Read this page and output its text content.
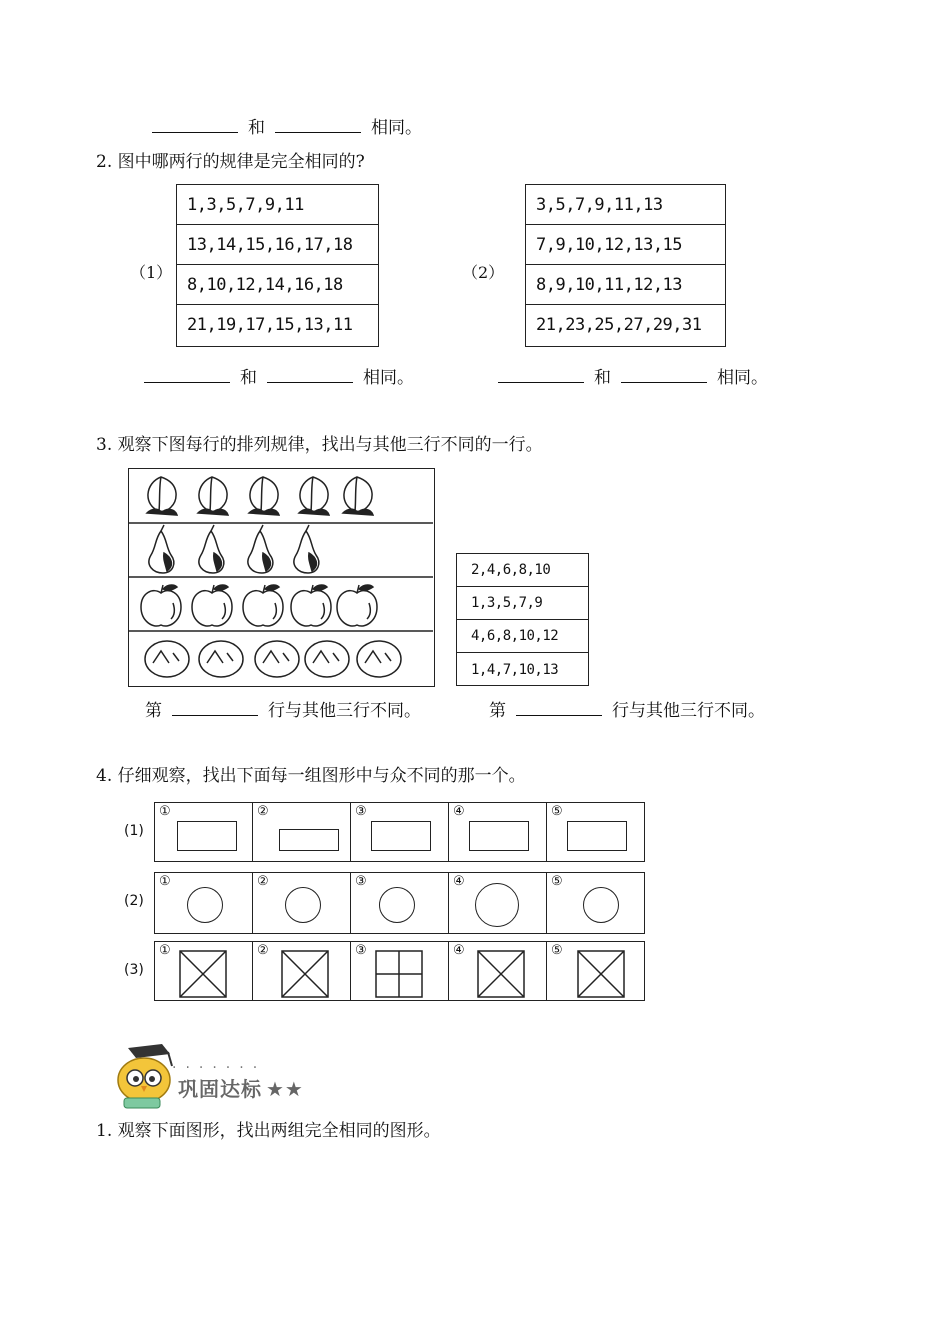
和	相同。
2. 图中哪两行的规律是完全相同的?
（1）
1,3,5,7,9,11
13,14,15,16,17,18
8,10,12,14,16,18
21,19,17,15,13,11
（2）
3,5,7,9,11,13
7,9,10,12,13,15
8,9,10,11,12,13
21,23,25,27,29,31
和	相同。	和	相同。
3. 观察下图每行的排列规律，找出与其他三行不同的一行。
2,4,6,8,10
1,3,5,7,9
4,6,8,10,12
1,4,7,10,13
第	行与其他三行不同。	第	行与其他三行不同。
4. 仔细观察，找出下面每一组图形中与众不同的那一个。
(1)
①	②	③	④	⑤
(2)
①	②	③	④	⑤
(3)
①	②	③	④	⑤
·······
巩固达标 ★★
1. 观察下面图形，找出两组完全相同的图形。
